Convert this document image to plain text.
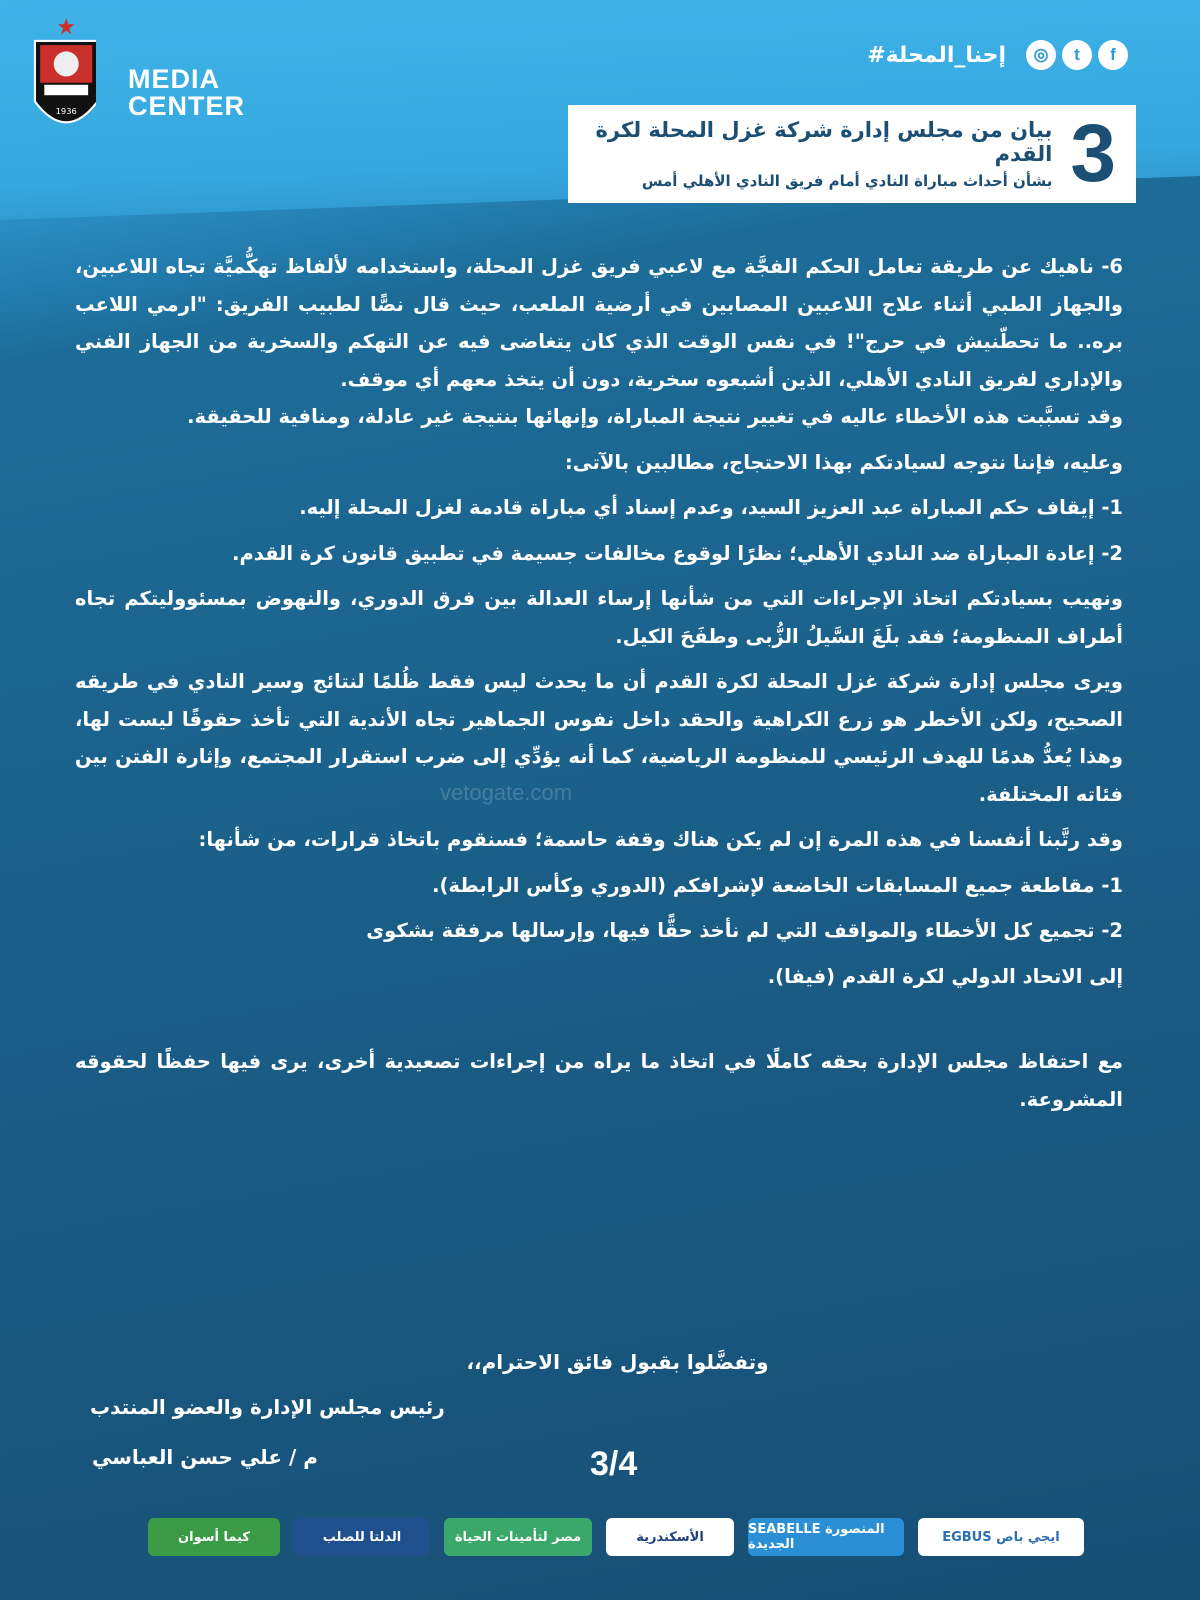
1936
MEDIA
CENTER
◎	t	f
#إحنا_المحلة
3
بيان من مجلس إدارة شركة غزل المحلة لكرة القدم
بشأن أحداث مباراة النادي أمام فريق النادي الأهلي أمس

6- ناهيك عن طريقة تعامل الحكم الفجَّة مع لاعبي فريق غزل المحلة، واستخدامه لألفاظ تهكُّميَّة تجاه اللاعبين، والجهاز الطبي أثناء علاج اللاعبين المصابين في أرضية الملعب، حيث قال نصًّا لطبيب الفريق: "ارمي اللاعب بره.. ما تحطّنيش في حرج"! في نفس الوقت الذي كان يتغاضى فيه عن التهكم والسخرية من الجهاز الفني والإداري لفريق النادي الأهلي، الذين أشبعوه سخرية، دون أن يتخذ معهم أي موقف.

وقد تسبَّبت هذه الأخطاء عاليه في تغيير نتيجة المباراة، وإنهائها بنتيجة غير عادلة، ومنافية للحقيقة.

وعليه، فإننا نتوجه لسيادتكم بهذا الاحتجاج، مطالبين بالآتى:

1- إيقاف حكم المباراة عبد العزيز السيد، وعدم إسناد أي مباراة قادمة لغزل المحلة إليه.

2- إعادة المباراة ضد النادي الأهلي؛ نظرًا لوقوع مخالفات جسيمة في تطبيق قانون كرة القدم.

ونهيب بسيادتكم اتخاذ الإجراءات التي من شأنها إرساء العدالة بين فرق الدوري، والنهوض بمسئووليتكم تجاه أطراف المنظومة؛ فقد بلَغَ السَّيلُ الزُّبى وطفَحَ الكيل.

ويرى مجلس إدارة شركة غزل المحلة لكرة القدم أن ما يحدث ليس فقط ظُلمًا لنتائج وسير النادي في طريقه الصحيح، ولكن الأخطر هو زرع الكراهية والحقد داخل نفوس الجماهير تجاه الأندية التي تأخذ حقوقًا ليست لها، وهذا يُعدُّ هدمًا للهدف الرئيسي للمنظومة الرياضية، كما أنه يؤدِّي إلى ضرب استقرار المجتمع، وإثارة الفتن بين فئاته المختلفة.

وقد رتَّبنا أنفسنا في هذه المرة إن لم يكن هناك وقفة حاسمة؛ فسنقوم باتخاذ قرارات، من شأنها:

1- مقاطعة جميع المسابقات الخاضعة لإشرافكم (الدوري وكأس الرابطة).

2- تجميع كل الأخطاء والمواقف التي لم نأخذ حقًّا فيها، وإرسالها مرفقة بشكوى

إلى الاتحاد الدولي لكرة القدم (فيفا).

مع احتفاظ مجلس الإدارة بحقه كاملًا في اتخاذ ما يراه من إجراءات تصعيدية أخرى، يرى فيها حفظًا لحقوقه المشروعة.

وتفضَّلوا بقبول فائق الاحترام،،
رئيس مجلس الإدارة والعضو المنتدب
م / علي حسن العباسي	3/4
vetogate.com
كيما أسوان	الدلتا للصلب	مصر لتأمينات الحياة	الأسكندرية	SEABELLE المنصورة الجديدة	EGBUS ايجي باص
